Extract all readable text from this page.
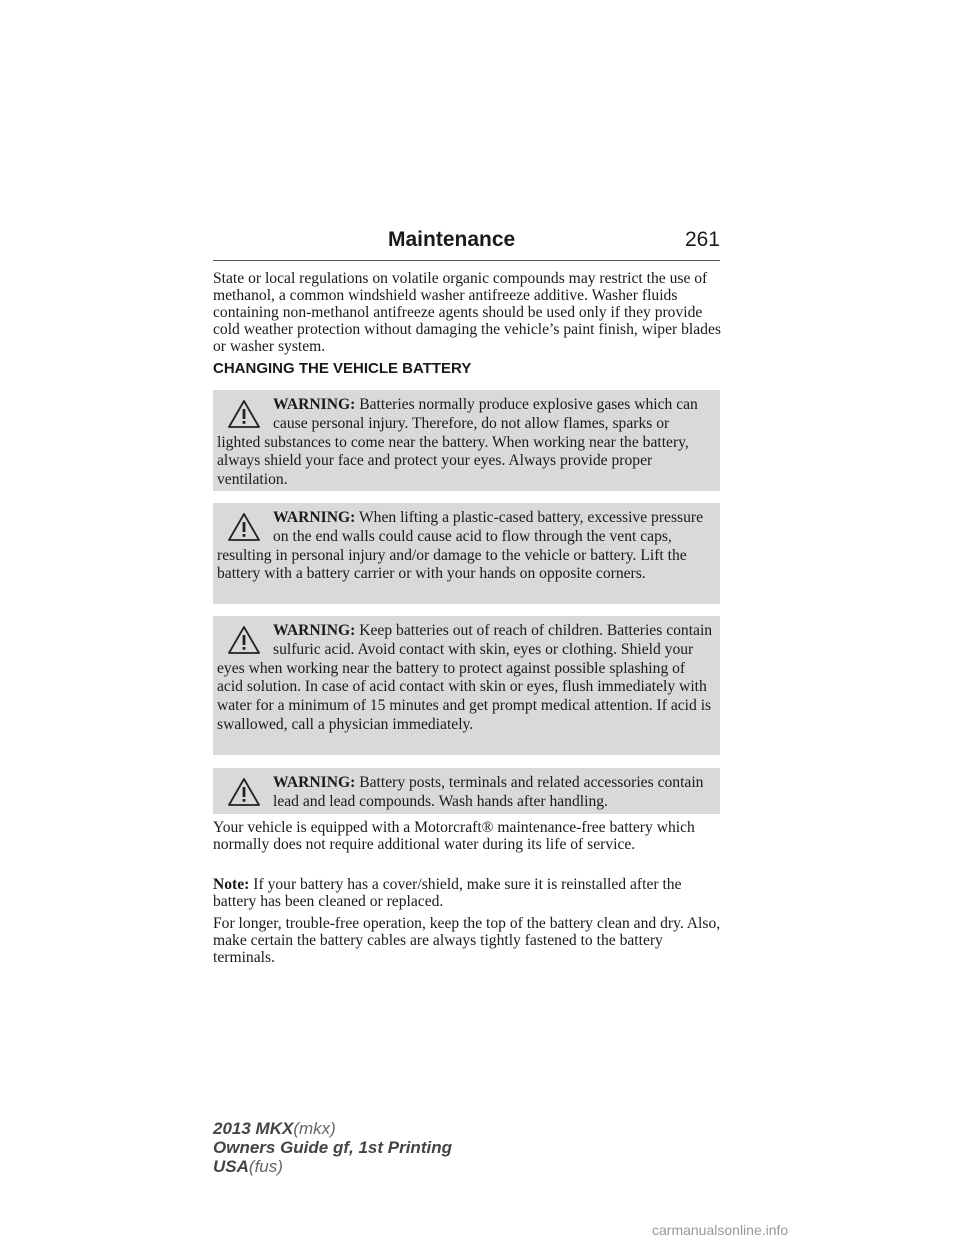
Maintenance	261

State or local regulations on volatile organic compounds may restrict the use of methanol, a common windshield washer antifreeze additive. Washer fluids containing non-methanol antifreeze agents should be used only if they provide cold weather protection without damaging the vehicle’s paint finish, wiper blades or washer system.

CHANGING THE VEHICLE BATTERY
WARNING: Batteries normally produce explosive gases which can cause personal injury. Therefore, do not allow flames, sparks or lighted substances to come near the battery. When working near the battery, always shield your face and protect your eyes. Always provide proper ventilation.
WARNING: When lifting a plastic-cased battery, excessive pressure on the end walls could cause acid to flow through the vent caps, resulting in personal injury and/or damage to the vehicle or battery. Lift the battery with a battery carrier or with your hands on opposite corners.
WARNING: Keep batteries out of reach of children. Batteries contain sulfuric acid. Avoid contact with skin, eyes or clothing. Shield your eyes when working near the battery to protect against possible splashing of acid solution. In case of acid contact with skin or eyes, flush immediately with water for a minimum of 15 minutes and get prompt medical attention. If acid is swallowed, call a physician immediately.
WARNING: Battery posts, terminals and related accessories contain lead and lead compounds. Wash hands after handling.

Your vehicle is equipped with a Motorcraft® maintenance-free battery which normally does not require additional water during its life of service.

Note: If your battery has a cover/shield, make sure it is reinstalled after the battery has been cleaned or replaced.

For longer, trouble-free operation, keep the top of the battery clean and dry. Also, make certain the battery cables are always tightly fastened to the battery terminals.

2013 MKX(mkx)
Owners Guide gf, 1st Printing
USA(fus)
carmanualsonline.info
